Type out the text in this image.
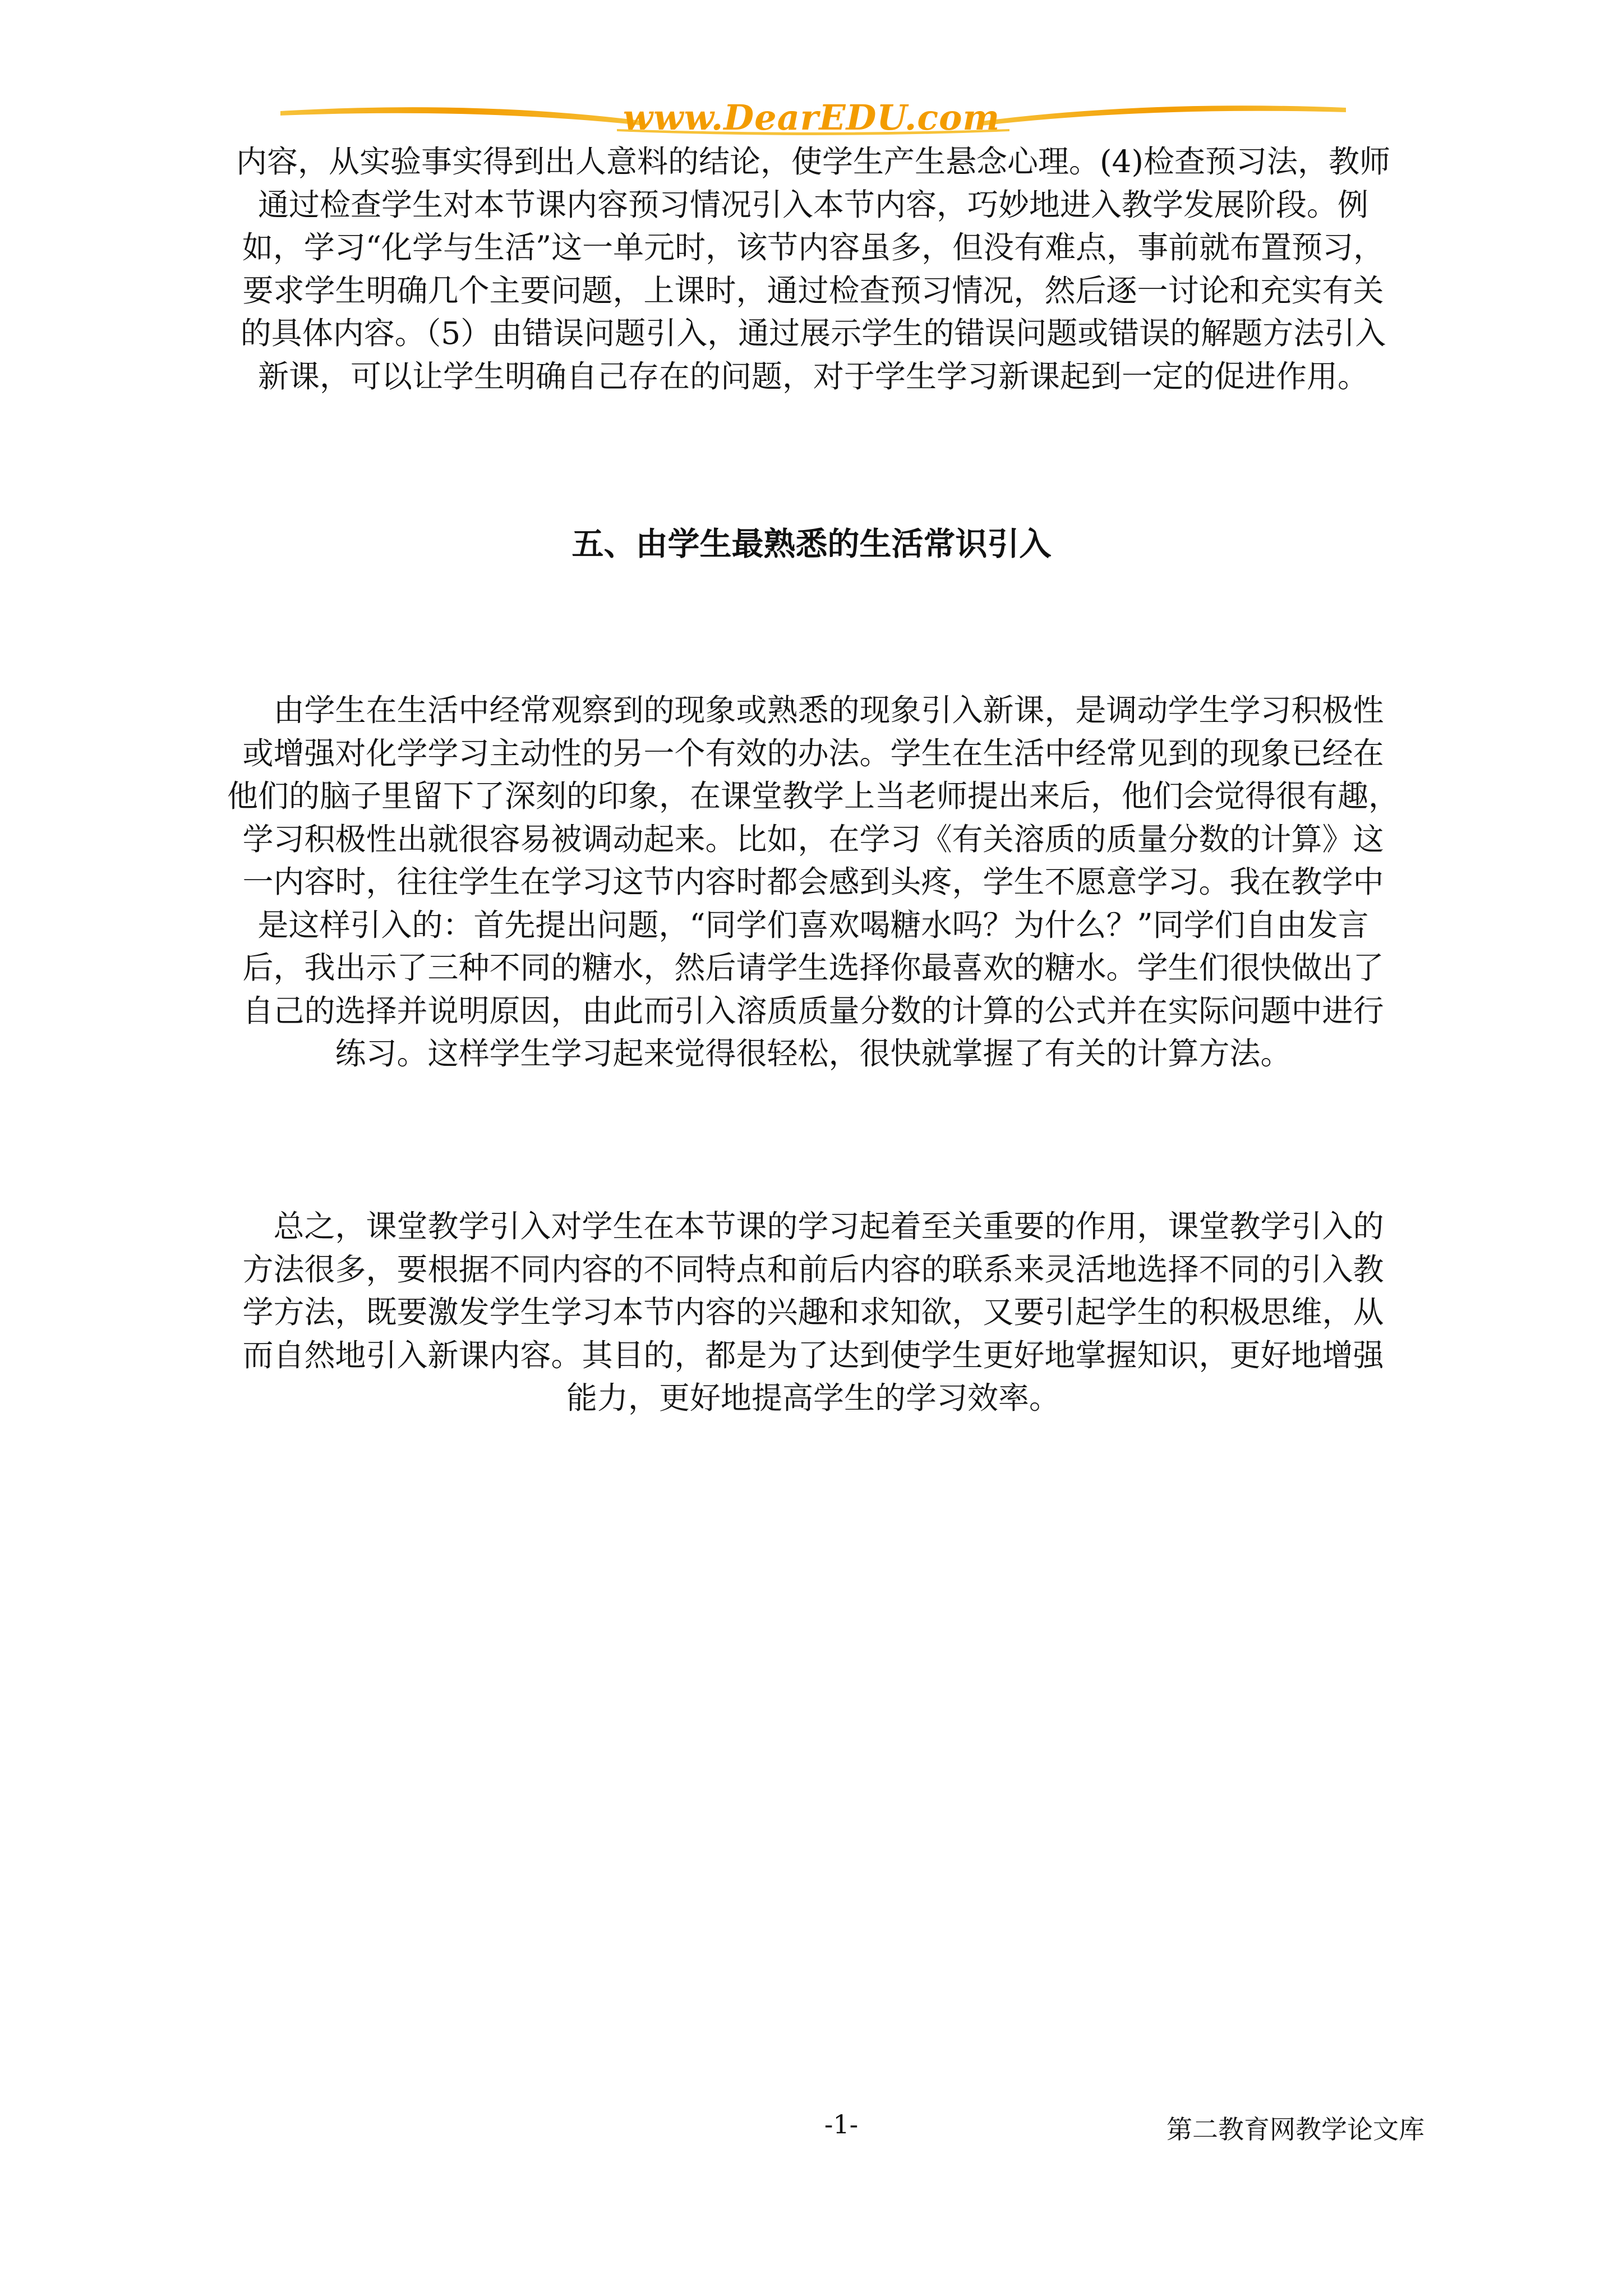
www.DearEDU.com
内容，从实验事实得到出人意料的结论，使学生产生悬念心理。(4)检查预习法，教师
通过检查学生对本节课内容预习情况引入本节内容，巧妙地进入教学发展阶段。例
如，学习“化学与生活”这一单元时，该节内容虽多，但没有难点，事前就布置预习，
要求学生明确几个主要问题，上课时，通过检查预习情况，然后逐一讨论和充实有关
的具体内容。（5）由错误问题引入，通过展示学生的错误问题或错误的解题方法引入
新课，可以让学生明确自己存在的问题，对于学生学习新课起到一定的促进作用。
五、由学生最熟悉的生活常识引入
　由学生在生活中经常观察到的现象或熟悉的现象引入新课，是调动学生学习积极性
或增强对化学学习主动性的另一个有效的办法。学生在生活中经常见到的现象已经在
他们的脑子里留下了深刻的印象，在课堂教学上当老师提出来后，他们会觉得很有趣，
学习积极性出就很容易被调动起来。比如，在学习《有关溶质的质量分数的计算》这
一内容时，往往学生在学习这节内容时都会感到头疼，学生不愿意学习。我在教学中
是这样引入的：首先提出问题，“同学们喜欢喝糖水吗？为什么？”同学们自由发言
后，我出示了三种不同的糖水，然后请学生选择你最喜欢的糖水。学生们很快做出了
自己的选择并说明原因，由此而引入溶质质量分数的计算的公式并在实际问题中进行
练习。这样学生学习起来觉得很轻松，很快就掌握了有关的计算方法。
　总之，课堂教学引入对学生在本节课的学习起着至关重要的作用，课堂教学引入的
方法很多，要根据不同内容的不同特点和前后内容的联系来灵活地选择不同的引入教
学方法，既要激发学生学习本节内容的兴趣和求知欲，又要引起学生的积极思维，从
而自然地引入新课内容。其目的，都是为了达到使学生更好地掌握知识，更好地增强
能力，更好地提高学生的学习效率。
-1-	第二教育网教学论文库
